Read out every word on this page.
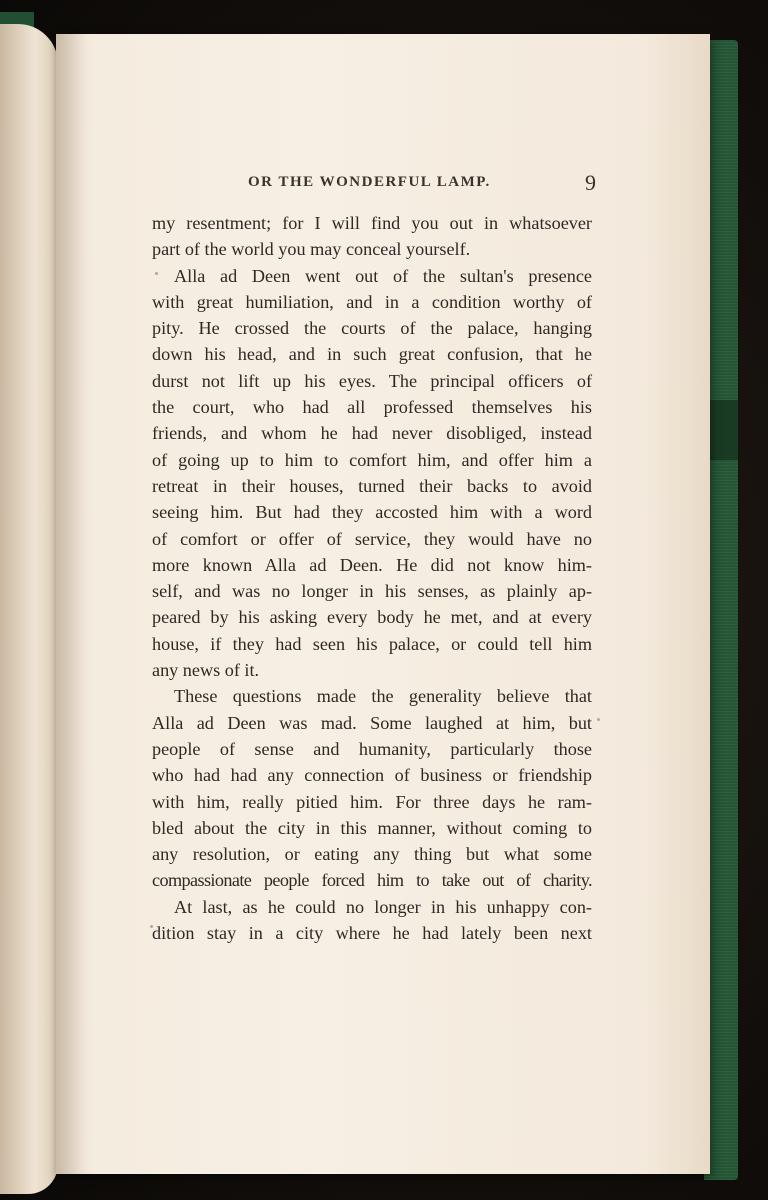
OR THE WONDERFUL LAMP.	9
my resentment; for I will find you out in whatsoever
part of the world you may conceal yourself.
Alla ad Deen went out of the sultan's presence
with great humiliation, and in a condition worthy of
pity. He crossed the courts of the palace, hanging
down his head, and in such great confusion, that he
durst not lift up his eyes. The principal officers of
the court, who had all professed themselves his
friends, and whom he had never disobliged, instead
of going up to him to comfort him, and offer him a
retreat in their houses, turned their backs to avoid
seeing him. But had they accosted him with a word
of comfort or offer of service, they would have no
more known Alla ad Deen. He did not know him-
self, and was no longer in his senses, as plainly ap-
peared by his asking every body he met, and at every
house, if they had seen his palace, or could tell him
any news of it.
These questions made the generality believe that
Alla ad Deen was mad. Some laughed at him, but
people of sense and humanity, particularly those
who had had any connection of business or friendship
with him, really pitied him. For three days he ram-
bled about the city in this manner, without coming to
any resolution, or eating any thing but what some
compassionate people forced him to take out of charity.
At last, as he could no longer in his unhappy con-
dition stay in a city where he had lately been next
